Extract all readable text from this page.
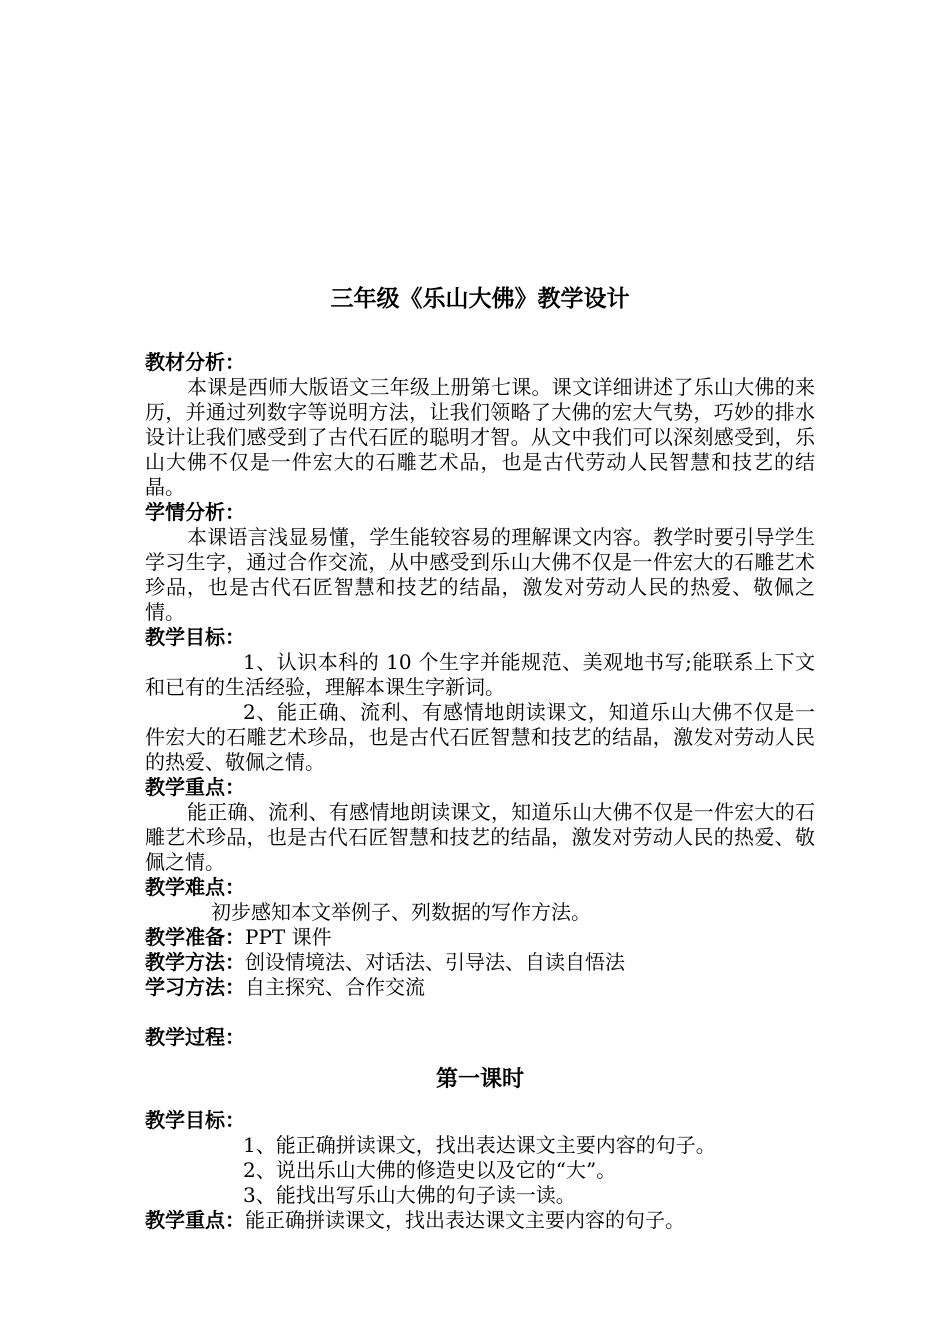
三年级《乐山大佛》教学设计
教材分析：
本课是西师大版语文三年级上册第七课。课文详细讲述了乐山大佛的来历，并通过列数字等说明方法，让我们领略了大佛的宏大气势，巧妙的排水设计让我们感受到了古代石匠的聪明才智。从文中我们可以深刻感受到，乐山大佛不仅是一件宏大的石雕艺术品，也是古代劳动人民智慧和技艺的结晶。
学情分析：
本课语言浅显易懂，学生能较容易的理解课文内容。教学时要引导学生学习生字，通过合作交流，从中感受到乐山大佛不仅是一件宏大的石雕艺术珍品，也是古代石匠智慧和技艺的结晶，激发对劳动人民的热爱、敬佩之情。
教学目标：
1、认识本科的 10 个生字并能规范、美观地书写;能联系上下文和已有的生活经验，理解本课生字新词。
2、能正确、流利、有感情地朗读课文，知道乐山大佛不仅是一件宏大的石雕艺术珍品，也是古代石匠智慧和技艺的结晶，激发对劳动人民的热爱、敬佩之情。
教学重点：
能正确、流利、有感情地朗读课文，知道乐山大佛不仅是一件宏大的石雕艺术珍品，也是古代石匠智慧和技艺的结晶，激发对劳动人民的热爱、敬佩之情。
教学难点：
初步感知本文举例子、列数据的写作方法。
教学准备：PPT 课件
教学方法：创设情境法、对话法、引导法、自读自悟法
学习方法：自主探究、合作交流
教学过程：
第一课时
教学目标：
1、能正确拼读课文，找出表达课文主要内容的句子。
2、说出乐山大佛的修造史以及它的“大”。
3、能找出写乐山大佛的句子读一读。
教学重点：能正确拼读课文，找出表达课文主要内容的句子。
